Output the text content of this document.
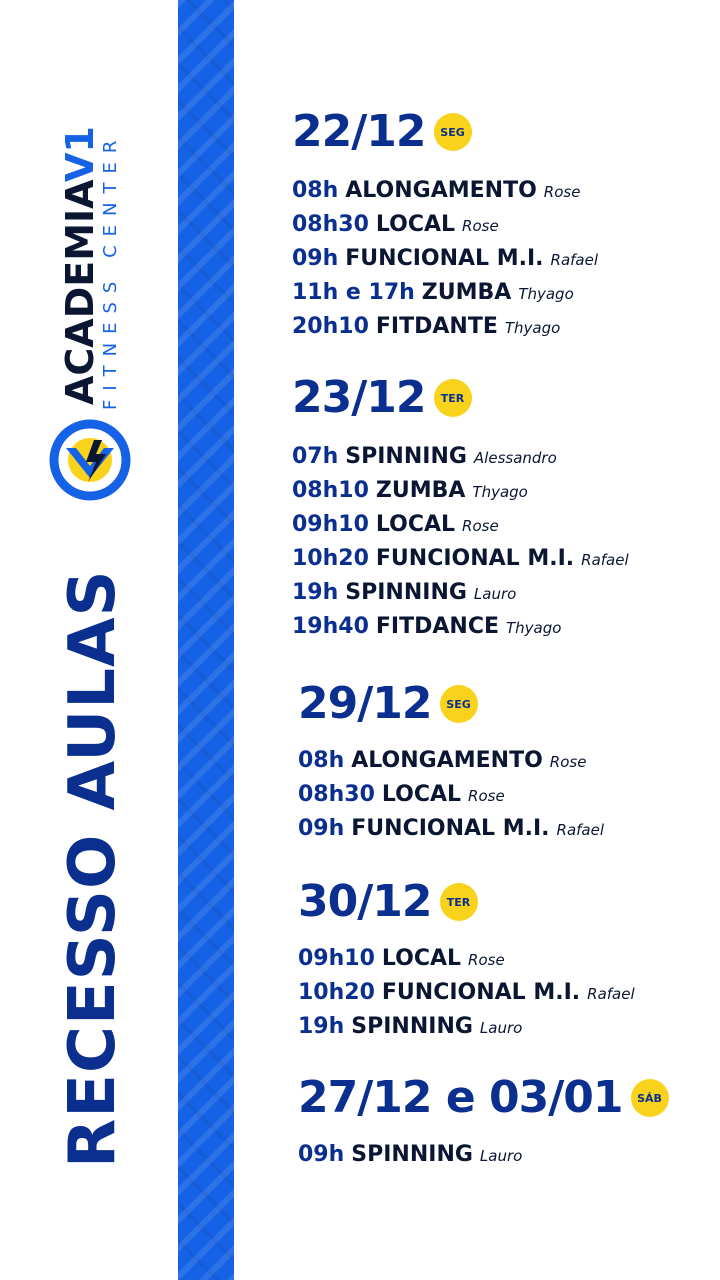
RECESSO AULAS
ACADEMIAV1
FITNESS CENTER
22/12	SEG
08h ALONGAMENTO Rose
08h30 LOCAL Rose
09h FUNCIONAL M.I. Rafael
11h e 17h ZUMBA Thyago
20h10 FITDANTE Thyago
23/12	TER
07h SPINNING Alessandro
08h10 ZUMBA Thyago
09h10 LOCAL Rose
10h20 FUNCIONAL M.I. Rafael
19h SPINNING Lauro
19h40 FITDANCE Thyago
29/12	SEG
08h ALONGAMENTO Rose
08h30 LOCAL Rose
09h FUNCIONAL M.I. Rafael
30/12	TER
09h10 LOCAL Rose
10h20 FUNCIONAL M.I. Rafael
19h SPINNING Lauro
27/12 e 03/01	SÁB
09h SPINNING Lauro
